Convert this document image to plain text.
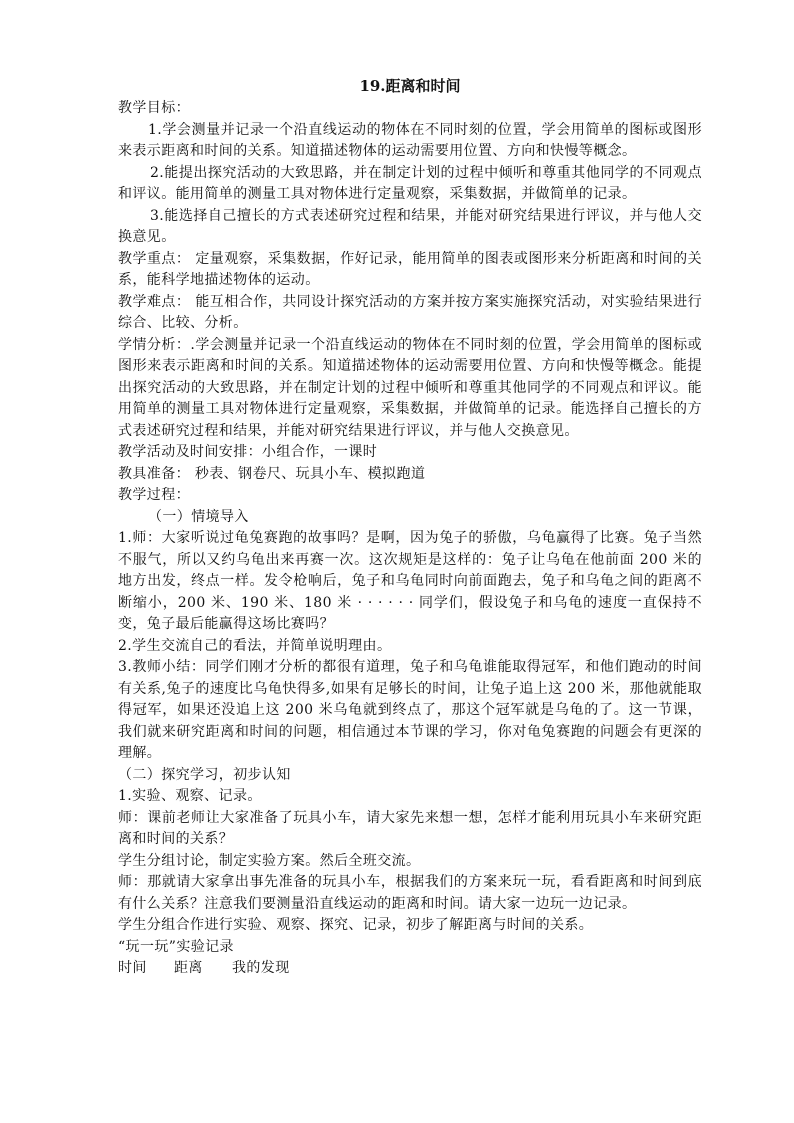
19.距离和时间

教学目标：

1.学会测量并记录一个沿直线运动的物体在不同时刻的位置，学会用简单的图标或图形来表示距离和时间的关系。知道描述物体的运动需要用位置、方向和快慢等概念。

2.能提出探究活动的大致思路，并在制定计划的过程中倾听和尊重其他同学的不同观点和评议。能用简单的测量工具对物体进行定量观察，采集数据，并做简单的记录。

3.能选择自己擅长的方式表述研究过程和结果，并能对研究结果进行评议，并与他人交换意见。

教学重点： 定量观察，采集数据，作好记录，能用简单的图表或图形来分析距离和时间的关系，能科学地描述物体的运动。

教学难点： 能互相合作，共同设计探究活动的方案并按方案实施探究活动，对实验结果进行综合、比较、分析。

学情分析：.学会测量并记录一个沿直线运动的物体在不同时刻的位置，学会用简单的图标或图形来表示距离和时间的关系。知道描述物体的运动需要用位置、方向和快慢等概念。能提出探究活动的大致思路，并在制定计划的过程中倾听和尊重其他同学的不同观点和评议。能用简单的测量工具对物体进行定量观察，采集数据，并做简单的记录。能选择自己擅长的方式表述研究过程和结果，并能对研究结果进行评议，并与他人交换意见。

教学活动及时间安排：小组合作，一课时

教具准备： 秒表、钢卷尺、玩具小车、模拟跑道

教学过程：

（一）情境导入

1.师：大家听说过龟兔赛跑的故事吗？是啊，因为兔子的骄傲，乌龟赢得了比赛。兔子当然不服气，所以又约乌龟出来再赛一次。这次规矩是这样的：兔子让乌龟在他前面 200 米的地方出发，终点一样。发令枪响后，兔子和乌龟同时向前面跑去，兔子和乌龟之间的距离不断缩小，200 米、190 米、180 米 · · · · · · 同学们，假设兔子和乌龟的速度一直保持不变，兔子最后能赢得这场比赛吗？

2.学生交流自己的看法，并简单说明理由。

3.教师小结：同学们刚才分析的都很有道理，兔子和乌龟谁能取得冠军，和他们跑动的时间有关系,兔子的速度比乌龟快得多,如果有足够长的时间，让兔子追上这 200 米，那他就能取得冠军，如果还没追上这 200 米乌龟就到终点了，那这个冠军就是乌龟的了。这一节课，我们就来研究距离和时间的问题，相信通过本节课的学习，你对龟兔赛跑的问题会有更深的理解。

（二）探究学习，初步认知

1.实验、观察、记录。

师：课前老师让大家准备了玩具小车，请大家先来想一想，怎样才能利用玩具小车来研究距离和时间的关系？

学生分组讨论，制定实验方案。然后全班交流。

师：那就请大家拿出事先准备的玩具小车，根据我们的方案来玩一玩，看看距离和时间到底有什么关系？注意我们要测量沿直线运动的距离和时间。请大家一边玩一边记录。

学生分组合作进行实验、观察、探究、记录，初步了解距离与时间的关系。

“玩一玩”实验记录

时间	距离	我的发现
